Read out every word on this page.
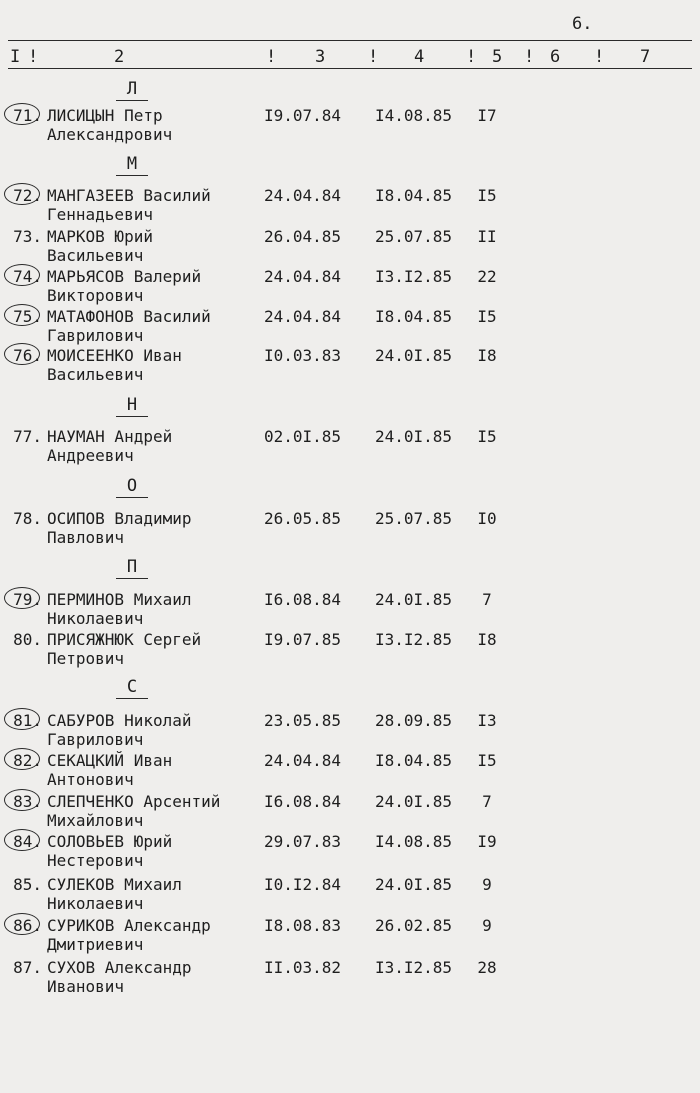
6.
I !	2	! 3	! 4 ! 5 ! 6 ! 7
Л
71. ЛИСИЦЫН Петр
Александрович
I9.07.84 I4.08.85	I7
М
72. МАНГАЗЕЕВ Василий
Геннадьевич
24.04.84 I8.04.85	I5
73. МАРКОВ Юрий
Васильевич
26.04.85 25.07.85	II
74. МАРЬЯСОВ Валерий
Викторович
24.04.84 I3.I2.85	22
75. МАТАФОНОВ Василий
Гаврилович
24.04.84 I8.04.85	I5
76. МОИСЕЕНКО Иван
Васильевич
I0.03.83 24.0I.85	I8
Н
77. НАУМАН Андрей
Андреевич
02.0I.85 24.0I.85	I5
О
78. ОСИПОВ Владимир
Павлович
26.05.85 25.07.85	I0
П
79. ПЕРМИНОВ Михаил
Николаевич
I6.08.84 24.0I.85	7
80. ПРИСЯЖНЮК Сергей
Петрович
I9.07.85 I3.I2.85	I8
С
81. САБУРОВ Николай
Гаврилович
23.05.85 28.09.85	I3
82. СЕКАЦКИЙ Иван
Антонович
24.04.84 I8.04.85	I5
83. СЛЕПЧЕНКО Арсентий
Михайлович
I6.08.84 24.0I.85	7
84. СОЛОВЬЕВ Юрий
Нестерович
29.07.83 I4.08.85	I9
85. СУЛЕКОВ Михаил
Николаевич
I0.I2.84 24.0I.85	9
86. СУРИКОВ Александр
Дмитриевич
I8.08.83 26.02.85	9
87. СУХОВ Александр
Иванович
II.03.82 I3.I2.85	28
